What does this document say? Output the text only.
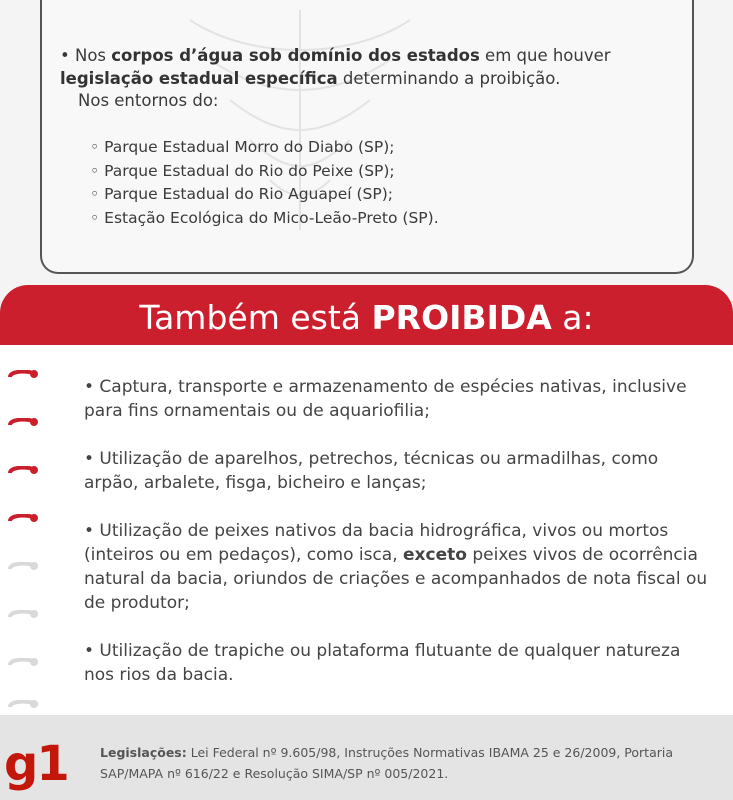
• Nos corpos d’água sob domínio dos estados em que houver
legislação estadual específica determinando a proibição.
Nos entornos do:
◦ Parque Estadual Morro do Diabo (SP);
◦ Parque Estadual do Rio do Peixe (SP);
◦ Parque Estadual do Rio Aguapeí (SP);
◦ Estação Ecológica do Mico-Leão-Preto (SP).
Também está PROIBIDA a:
• Captura, transporte e armazenamento de espécies nativas, inclusive para fins ornamentais ou de aquariofilia;
• Utilização de aparelhos, petrechos, técnicas ou armadilhas, como arpão, arbalete, fisga, bicheiro e lanças;
• Utilização de peixes nativos da bacia hidrográfica, vivos ou mortos (inteiros ou em pedaços), como isca, exceto peixes vivos de ocorrência natural da bacia, oriundos de criações e acompanhados de nota fiscal ou de produtor;
• Utilização de trapiche ou plataforma flutuante de qualquer natureza nos rios da bacia.
g1	Legislações: Lei Federal nº 9.605/98, Instruções Normativas IBAMA 25 e 26/2009, Portaria SAP/MAPA nº 616/22 e Resolução SIMA/SP nº 005/2021.
